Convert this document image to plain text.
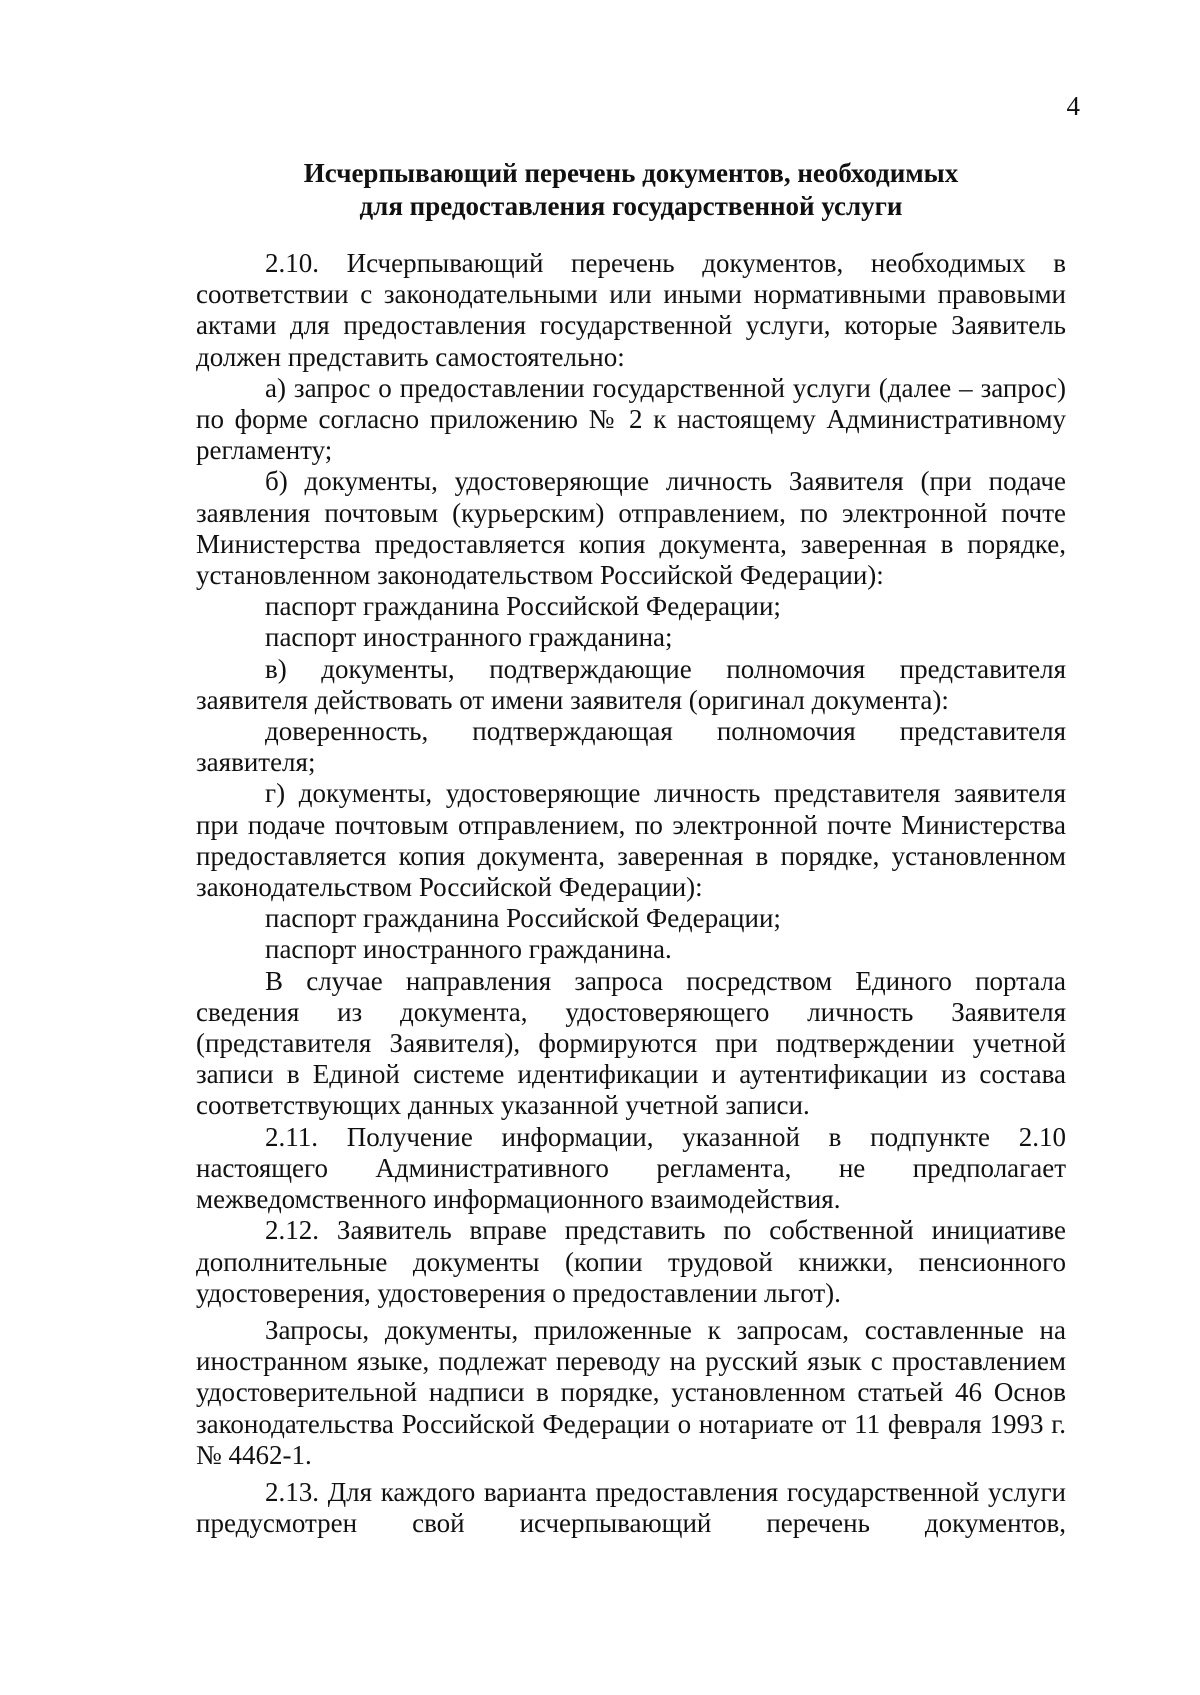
4
Исчерпывающий перечень документов, необходимых
для предоставления государственной услуги

2.10. Исчерпывающий перечень документов, необходимых в соответствии с законодательными или иными нормативными правовыми актами для предоставления государственной услуги, которые Заявитель должен представить самостоятельно:

а) запрос о предоставлении государственной услуги (далее – запрос) по форме согласно приложению № 2 к настоящему Административному регламенту;

б) документы, удостоверяющие личность Заявителя (при подаче заявления почтовым (курьерским) отправлением, по электронной почте Министерства предоставляется копия документа, заверенная в порядке, установленном законодательством Российской Федерации):

паспорт гражданина Российской Федерации;

паспорт иностранного гражданина;

в) документы, подтверждающие полномочия представителя заявителя действовать от имени заявителя (оригинал документа):

доверенность, подтверждающая полномочия представителя заявителя;

г) документы, удостоверяющие личность представителя заявителя при подаче почтовым отправлением, по электронной почте Министерства предоставляется копия документа, заверенная в порядке, установленном законодательством Российской Федерации):

паспорт гражданина Российской Федерации;

паспорт иностранного гражданина.

В случае направления запроса посредством Единого портала сведения из документа, удостоверяющего личность Заявителя (представителя Заявителя), формируются при подтверждении учетной записи в Единой системе идентификации и аутентификации из состава соответствующих данных указанной учетной записи.

2.11. Получение информации, указанной в подпункте 2.10 настоящего Административного регламента, не предполагает межведомственного информационного взаимодействия.

2.12. Заявитель вправе представить по собственной инициативе дополнительные документы (копии трудовой книжки, пенсионного удостоверения, удостоверения о предоставлении льгот).

Запросы, документы, приложенные к запросам, составленные на иностранном языке, подлежат переводу на русский язык с проставлением удостоверительной надписи в порядке, установленном статьей 46 Основ законодательства Российской Федерации о нотариате от 11 февраля 1993 г. № 4462-1.

2.13. Для каждого варианта предоставления государственной услуги предусмотрен свой исчерпывающий перечень документов,
